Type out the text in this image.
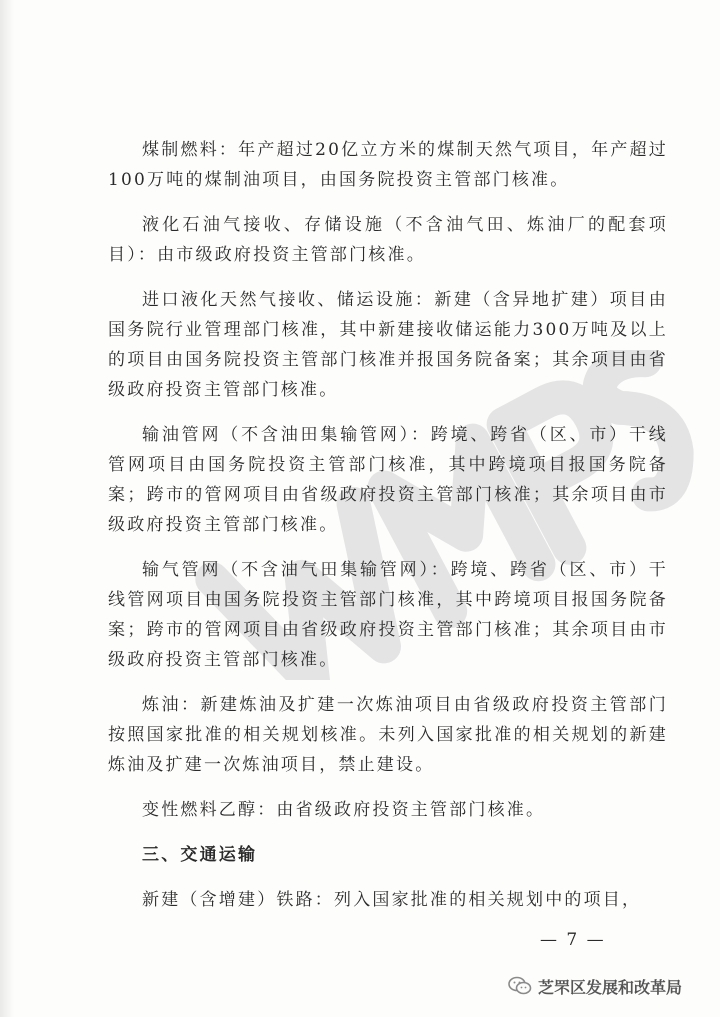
煤制燃料：年产超过20亿立方米的煤制天然气项目，年产超过100万吨的煤制油项目，由国务院投资主管部门核准。

液化石油气接收、存储设施（不含油气田、炼油厂的配套项目）：由市级政府投资主管部门核准。

进口液化天然气接收、储运设施：新建（含异地扩建）项目由国务院行业管理部门核准，其中新建接收储运能力300万吨及以上的项目由国务院投资主管部门核准并报国务院备案；其余项目由省级政府投资主管部门核准。

输油管网（不含油田集输管网）：跨境、跨省（区、市）干线管网项目由国务院投资主管部门核准，其中跨境项目报国务院备案；跨市的管网项目由省级政府投资主管部门核准；其余项目由市级政府投资主管部门核准。

输气管网（不含油气田集输管网）：跨境、跨省（区、市）干线管网项目由国务院投资主管部门核准，其中跨境项目报国务院备案；跨市的管网项目由省级政府投资主管部门核准；其余项目由市级政府投资主管部门核准。

炼油：新建炼油及扩建一次炼油项目由省级政府投资主管部门按照国家批准的相关规划核准。未列入国家批准的相关规划的新建炼油及扩建一次炼油项目，禁止建设。

变性燃料乙醇：由省级政府投资主管部门核准。

三、交通运输

新建（含增建）铁路：列入国家批准的相关规划中的项目，

— 7 —
芝罘区发展和改革局
